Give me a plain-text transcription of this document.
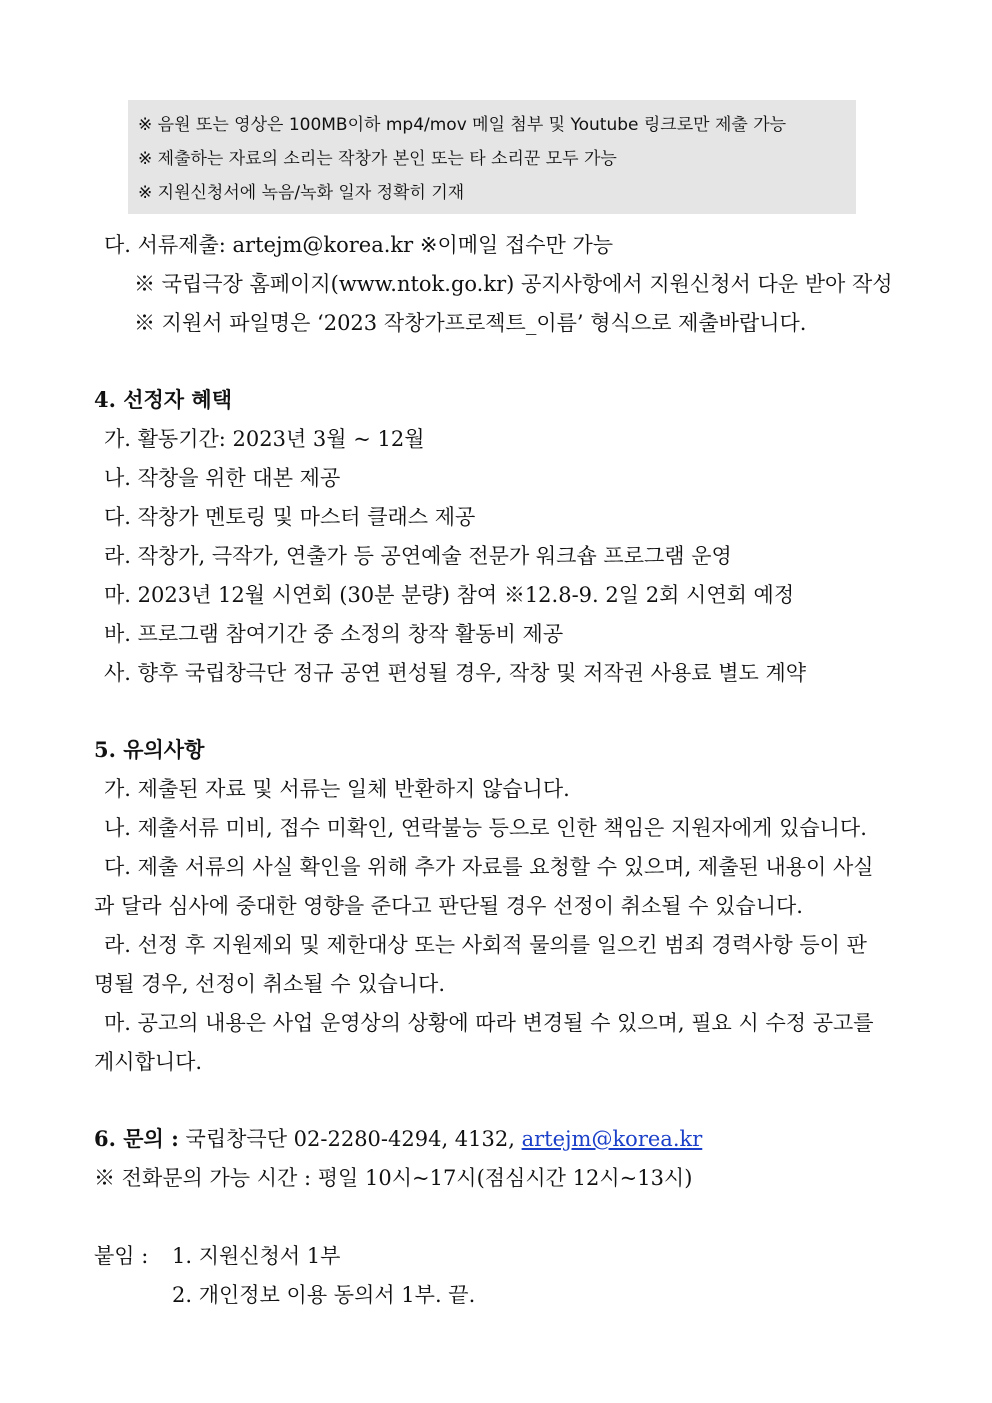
※ 음원 또는 영상은 100MB이하 mp4/mov 메일 첨부 및 Youtube 링크로만 제출 가능
※ 제출하는 자료의 소리는 작창가 본인 또는 타 소리꾼 모두 가능
※ 지원신청서에 녹음/녹화 일자 정확히 기재
다. 서류제출: artejm@korea.kr ※이메일 접수만 가능
※ 국립극장 홈페이지(www.ntok.go.kr) 공지사항에서 지원신청서 다운 받아 작성
※ 지원서 파일명은 ‘2023 작창가프로젝트_이름’ 형식으로 제출바랍니다.
4. 선정자 혜택
가. 활동기간: 2023년 3월 ~ 12월
나. 작창을 위한 대본 제공
다. 작창가 멘토링 및 마스터 클래스 제공
라. 작창가, 극작가, 연출가 등 공연예술 전문가 워크숍 프로그램 운영
마. 2023년 12월 시연회 (30분 분량) 참여 ※12.8-9. 2일 2회 시연회 예정
바. 프로그램 참여기간 중 소정의 창작 활동비 제공
사. 향후 국립창극단 정규 공연 편성될 경우, 작창 및 저작권 사용료 별도 계약
5. 유의사항
가. 제출된 자료 및 서류는 일체 반환하지 않습니다.
나. 제출서류 미비, 접수 미확인, 연락불능 등으로 인한 책임은 지원자에게 있습니다.
다. 제출 서류의 사실 확인을 위해 추가 자료를 요청할 수 있으며, 제출된 내용이 사실
과 달라 심사에 중대한 영향을 준다고 판단될 경우 선정이 취소될 수 있습니다.
라. 선정 후 지원제외 및 제한대상 또는 사회적 물의를 일으킨 범죄 경력사항 등이 판
명될 경우, 선정이 취소될 수 있습니다.
마. 공고의 내용은 사업 운영상의 상황에 따라 변경될 수 있으며, 필요 시 수정 공고를
게시합니다.
6. 문의 : 국립창극단 02-2280-4294, 4132, artejm@korea.kr
※ 전화문의 가능 시간 : 평일 10시~17시(점심시간 12시~13시)
붙임 : 1. 지원신청서 1부
2. 개인정보 이용 동의서 1부. 끝.
